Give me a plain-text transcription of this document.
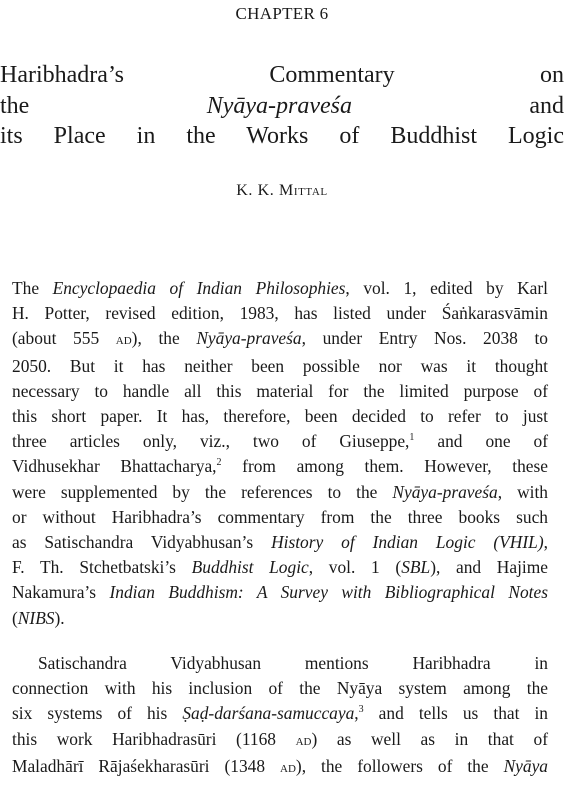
CHAPTER 6
Haribhadra’s Commentary on
the Nyāya-praveśa and
its Place in the Works of Buddhist Logic
K. K. Mittal
The Encyclopaedia of Indian Philosophies, vol. 1, edited by Karl
H. Potter, revised edition, 1983, has listed under Śaṅkarasvāmin
(about 555 ad), the Nyāya-praveśa, under Entry Nos. 2038 to
2050. But it has neither been possible nor was it thought
necessary to handle all this material for the limited purpose of
this short paper. It has, therefore, been decided to refer to just
three articles only, viz., two of Giuseppe,$^1$ and one of
Vidhusekhar Bhattacharya,$^2$ from among them. However, these
were supplemented by the references to the Nyāya-praveśa, with
or without Haribhadra’s commentary from the three books such
as Satischandra Vidyabhusan’s History of Indian Logic (VHIL),
F. Th. Stchetbatski’s Buddhist Logic, vol. 1 (SBL), and Hajime
Nakamura’s Indian Buddhism: A Survey with Bibliographical Notes
(NIBS).
Satischandra Vidyabhusan mentions Haribhadra in
connection with his inclusion of the Nyāya system among the
six systems of his Ṣaḍ-darśana-samuccaya,$^3$ and tells us that in
this work Haribhadrasūri (1168 ad) as well as in that of
Maladhārī Rājaśekharasūri (1348 ad), the followers of the Nyāya
